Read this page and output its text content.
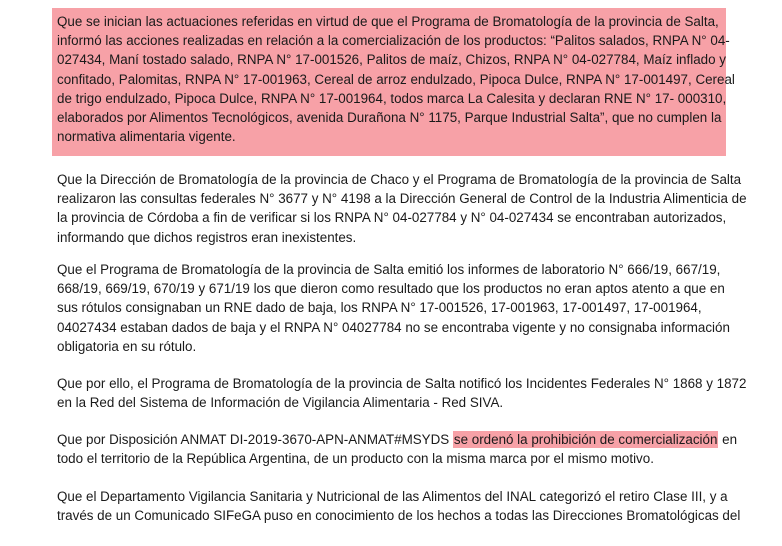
Que se inician las actuaciones referidas en virtud de que el Programa de Bromatología de la provincia de Salta,
informó las acciones realizadas en relación a la comercialización de los productos: “Palitos salados, RNPA N° 04-
027434, Maní tostado salado, RNPA N° 17-001526, Palitos de maíz, Chizos, RNPA N° 04-027784, Maíz inflado y
confitado, Palomitas, RNPA N° 17-001963, Cereal de arroz endulzado, Pipoca Dulce, RNPA N° 17-001497, Cereal
de trigo endulzado, Pipoca Dulce, RNPA N° 17-001964, todos marca La Calesita y declaran RNE N° 17- 000310,
elaborados por Alimentos Tecnológicos, avenida Durañona N° 1175, Parque Industrial Salta”, que no cumplen la
normativa alimentaria vigente.

Que la Dirección de Bromatología de la provincia de Chaco y el Programa de Bromatología de la provincia de Salta
realizaron las consultas federales N° 3677 y N° 4198 a la Dirección General de Control de la Industria Alimenticia de
la provincia de Córdoba a fin de verificar si los RNPA N° 04-027784 y N° 04-027434 se encontraban autorizados,
informando que dichos registros eran inexistentes.

Que el Programa de Bromatología de la provincia de Salta emitió los informes de laboratorio N° 666/19, 667/19,
668/19, 669/19, 670/19 y 671/19 los que dieron como resultado que los productos no eran aptos atento a que en
sus rótulos consignaban un RNE dado de baja, los RNPA N° 17-001526, 17-001963, 17-001497, 17-001964,
04027434 estaban dados de baja y el RNPA N° 04027784 no se encontraba vigente y no consignaba información
obligatoria en su rótulo.

Que por ello, el Programa de Bromatología de la provincia de Salta notificó los Incidentes Federales N° 1868 y 1872
en la Red del Sistema de Información de Vigilancia Alimentaria - Red SIVA.

Que por Disposición ANMAT DI-2019-3670-APN-ANMAT#MSYDS se ordenó la prohibición de comercialización en
todo el territorio de la República Argentina, de un producto con la misma marca por el mismo motivo.

Que el Departamento Vigilancia Sanitaria y Nutricional de las Alimentos del INAL categorizó el retiro Clase III, y a
través de un Comunicado SIFeGA puso en conocimiento de los hechos a todas las Direcciones Bromatológicas del
